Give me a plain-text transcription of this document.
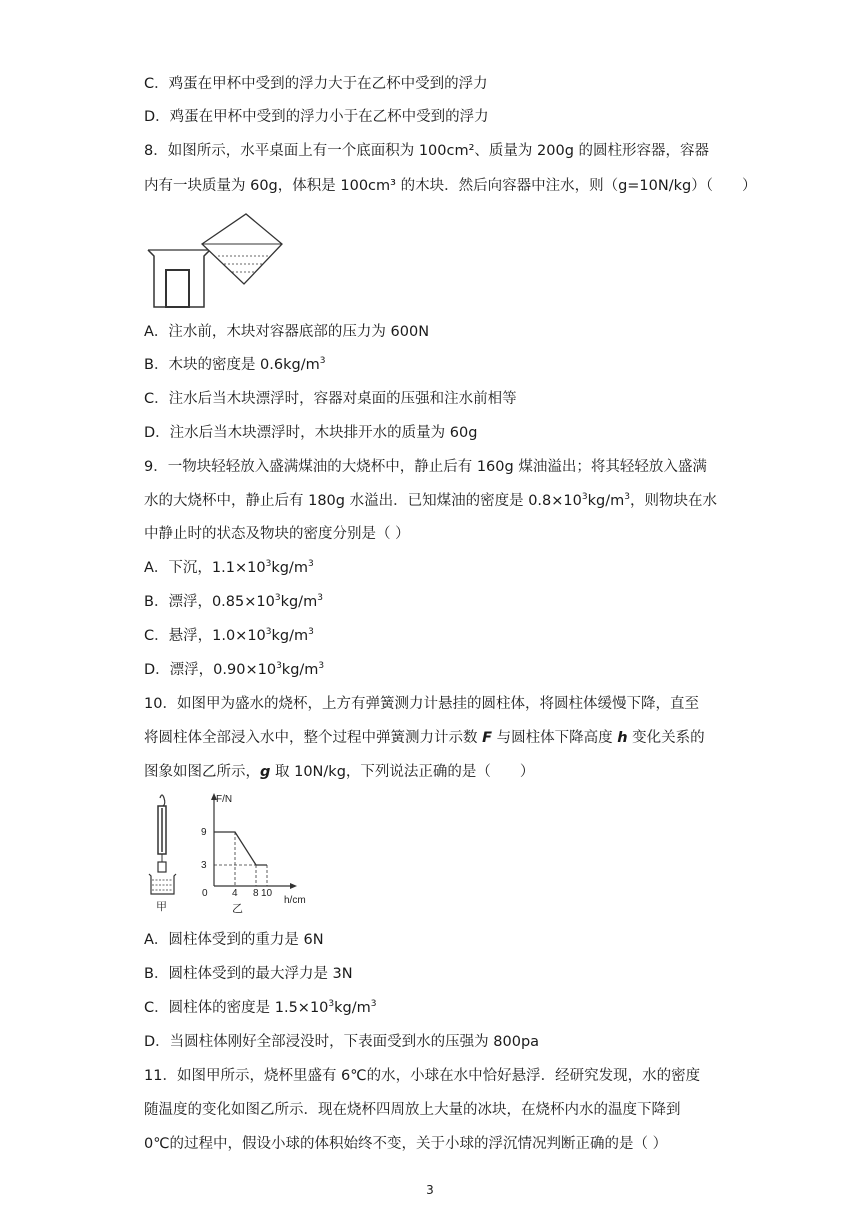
C．鸡蛋在甲杯中受到的浮力大于在乙杯中受到的浮力
D．鸡蛋在甲杯中受到的浮力小于在乙杯中受到的浮力
8．如图所示，水平桌面上有一个底面积为 100cm²、质量为 200g 的圆柱形容器，容器
内有一块质量为 60g，体积是 100cm³ 的木块．然后向容器中注水，则（g=10N/kg）（　　）
A．注水前，木块对容器底部的压力为 600N
B．木块的密度是 $0.6kg/m^3$
C．注水后当木块漂浮时，容器对桌面的压强和注水前相等
D．注水后当木块漂浮时，木块排开水的质量为 60g
9．一物块轻轻放入盛满煤油的大烧杯中，静止后有 160g 煤油溢出；将其轻轻放入盛满
水的大烧杯中，静止后有 180g 水溢出．已知煤油的密度是 $0.8\times 10^3kg/m^3$，则物块在水
中静止时的状态及物块的密度分别是（ ）
A．下沉，$1.1\times 10^3kg/m^3$
B．漂浮，$0.85\times 10^3kg/m^3$
C．悬浮，$1.0\times 10^3kg/m^3$
D．漂浮，$0.90\times 10^3kg/m^3$
10．如图甲为盛水的烧杯，上方有弹簧测力计悬挂的圆柱体，将圆柱体缓慢下降，直至
将圆柱体全部浸入水中，整个过程中弹簧测力计示数 F 与圆柱体下降高度 h 变化关系的
图象如图乙所示，g 取 10N/kg，下列说法正确的是（　　）
甲
F/N
h/cm
9
3
0 4 8 10
乙
A．圆柱体受到的重力是 6N
B．圆柱体受到的最大浮力是 3N
C．圆柱体的密度是 $1.5\times 10^3kg/m^3$
D．当圆柱体刚好全部浸没时，下表面受到水的压强为 800pa
11．如图甲所示，烧杯里盛有 6℃的水，小球在水中恰好悬浮．经研究发现，水的密度
随温度的变化如图乙所示．现在烧杯四周放上大量的冰块，在烧杯内水的温度下降到
0℃的过程中，假设小球的体积始终不变，关于小球的浮沉情况判断正确的是（ ）
3
